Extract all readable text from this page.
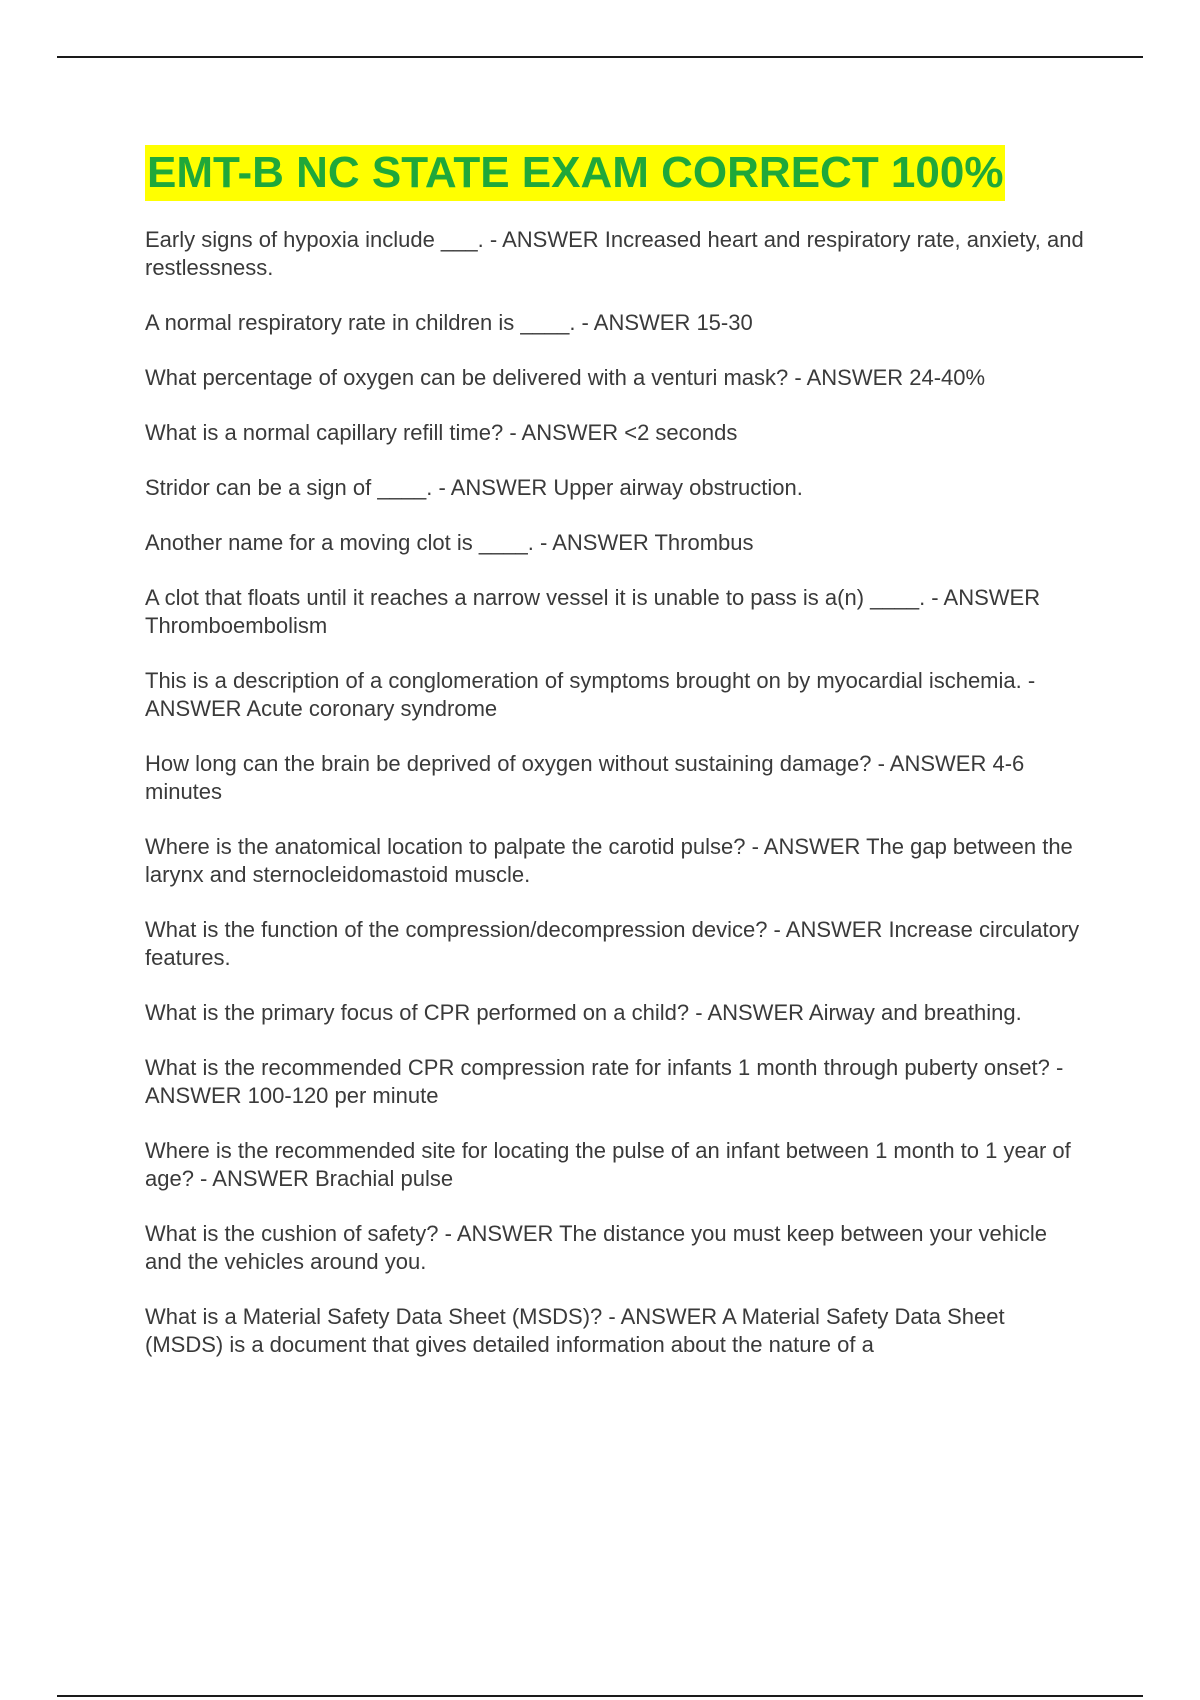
EMT-B NC STATE EXAM CORRECT 100%
Early signs of hypoxia include ___. - ANSWER Increased heart and respiratory rate, anxiety, and restlessness.
A normal respiratory rate in children is ____. - ANSWER 15-30
What percentage of oxygen can be delivered with a venturi mask? - ANSWER 24-40%
What is a normal capillary refill time? - ANSWER <2 seconds
Stridor can be a sign of ____. - ANSWER Upper airway obstruction.
Another name for a moving clot is ____. - ANSWER Thrombus
A clot that floats until it reaches a narrow vessel it is unable to pass is a(n) ____. - ANSWER Thromboembolism
This is a description of a conglomeration of symptoms brought on by myocardial ischemia. - ANSWER Acute coronary syndrome
How long can the brain be deprived of oxygen without sustaining damage? - ANSWER 4-6 minutes
Where is the anatomical location to palpate the carotid pulse? - ANSWER The gap between the larynx and sternocleidomastoid muscle.
What is the function of the compression/decompression device? - ANSWER Increase circulatory features.
What is the primary focus of CPR performed on a child? - ANSWER Airway and breathing.
What is the recommended CPR compression rate for infants 1 month through puberty onset? - ANSWER 100-120 per minute
Where is the recommended site for locating the pulse of an infant between 1 month to 1 year of age? - ANSWER Brachial pulse
What is the cushion of safety? - ANSWER The distance you must keep between your vehicle and the vehicles around you.
What is a Material Safety Data Sheet (MSDS)? - ANSWER A Material Safety Data Sheet (MSDS) is a document that gives detailed information about the nature of a
